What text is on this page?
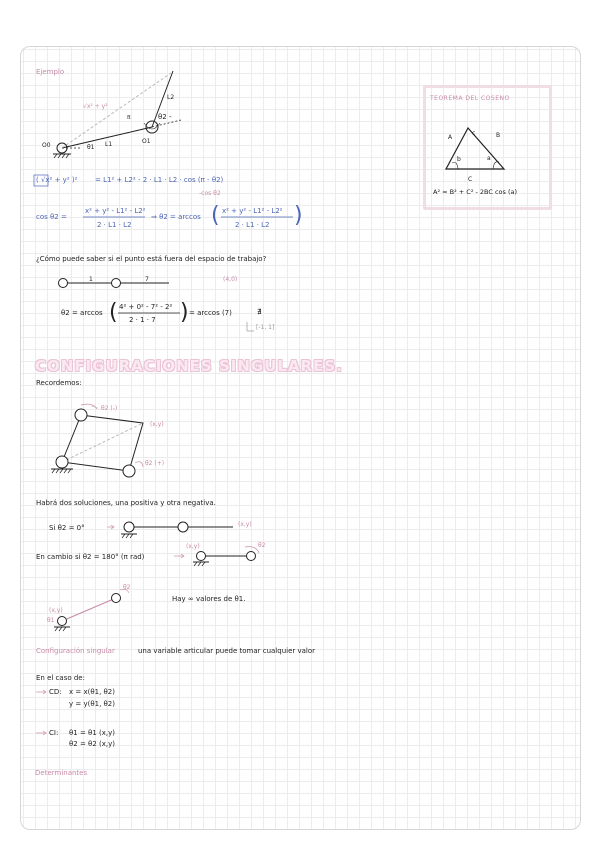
Ejemplo
√x² + y²
L2
π	θ2 -
O0	θ1 L1	O1
TEOREMA DEL COSENO
A	B
C
c
b	a
A² = B² + C² - 2BC cos (a)
( √x² + y² )²	= L1² + L2² - 2 · L1 · L2 · cos (π - θ2)
-cos θ2
cos θ2 =
x² + y² - L1² - L2²
2 · L1 · L2
⇒ θ2 = arccos ( x² + y² - L1² - L2²
2 · L1 · L2 )
¿Cómo puede saber si el punto está fuera del espacio de trabajo?
1	7	(4,0)
θ2 = arccos ( 4² + 0² - 7² - 2²
2 · 1 · 7 ) = arccos (7)	∄
[-1, 1]
CONFIGURACIONES SINGULARES.
Recordemos:
θ2 (-)
(x,y)
θ2 (+)
Habrá dos soluciones, una positiva y otra negativa.
Si θ2 = 0°	(x,y)
En cambio si θ2 = 180° (π rad)
(x,y)	θ2
θ2
(x,y)
θ1
Hay ∞ valores de θ1.
Configuración singular	una variable articular puede tomar cualquier valor
En el caso de:
CD: x = x(θ1, θ2)
y = y(θ1, θ2)
CI: θ1 = θ1 (x,y)
θ2 = θ2 (x,y)
Determinantes
